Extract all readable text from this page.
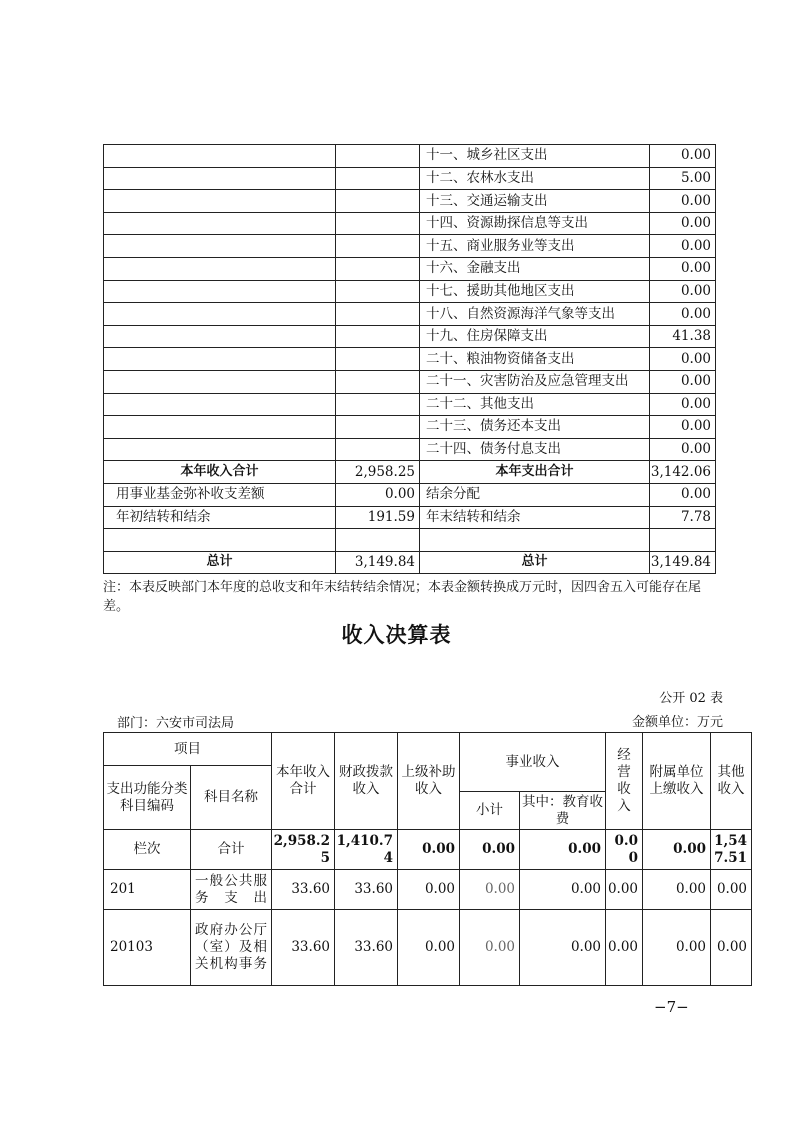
		十一、城乡社区支出	0.00
		十二、农林水支出	5.00
		十三、交通运输支出	0.00
		十四、资源勘探信息等支出	0.00
		十五、商业服务业等支出	0.00
		十六、金融支出	0.00
		十七、援助其他地区支出	0.00
		十八、自然资源海洋气象等支出	0.00
		十九、住房保障支出	41.38
		二十、粮油物资储备支出	0.00
		二十一、灾害防治及应急管理支出	0.00
		二十二、其他支出	0.00
		二十三、债务还本支出	0.00
		二十四、债务付息支出	0.00
本年收入合计	2,958.25	本年支出合计	3,142.06
用事业基金弥补收支差额	0.00	结余分配	0.00
年初结转和结余	191.59	年末结转和结余	7.78

总计	3,149.84	总计	3,149.84

注：本表反映部门本年度的总收支和年末结转结余情况；本表金额转换成万元时，因四舍五入可能存在尾差。

收入决算表

公开 02 表

部门：六安市司法局	金额单位：万元

项目		本年收入合计	财政拨款收入	上级补助收入	事业收入		经营收入	附属单位上缴收入	其他收入
支出功能分类科目编码	科目名称								
					小计	其中：教育收费			
栏次	合计	2,958.25	1,410.74	0.00	0.00	0.00	0.00	0.00	1,547.51
201	一般公共服务支出	33.60	33.60	0.00	0.00	0.00	0.00	0.00	0.00
20103	政府办公厅（室）及相关机构事务	33.60	33.60	0.00	0.00	0.00	0.00	0.00	0.00

−7−
